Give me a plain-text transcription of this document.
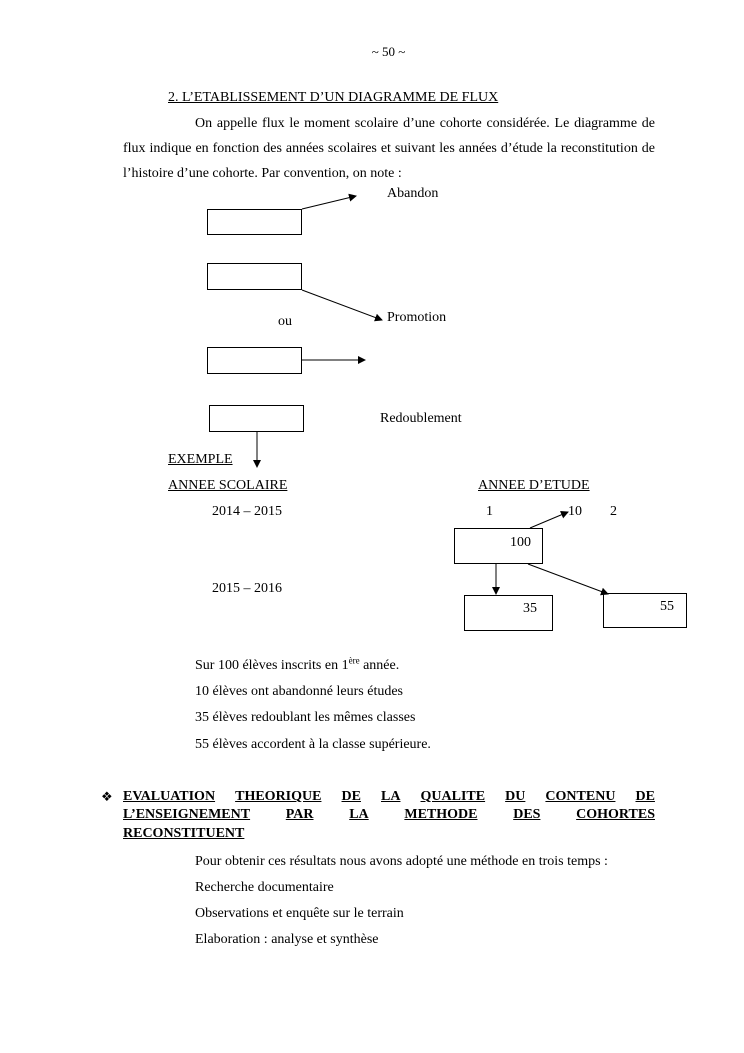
~ 50 ~
2. L’ETABLISSEMENT D’UN DIAGRAMME DE FLUX
On appelle flux le moment scolaire d’une cohorte considérée. Le diagramme de flux indique en fonction des années scolaires et suivant les années d’étude la reconstitution de l’histoire d’une cohorte. Par convention, on note :
Abandon
Promotion
ou
Redoublement
EXEMPLE
ANNEE SCOLAIRE	ANNEE D’ETUDE
2014 – 2015
2015 – 2016
1	10 2
100
35	55
Sur 100 élèves inscrits en 1ère année.
10 élèves ont abandonné leurs études
35 élèves redoublant les mêmes classes
55 élèves accordent à la classe supérieure.
❖ EVALUATION THEORIQUE DE LA QUALITE DU CONTENU DE
L’ENSEIGNEMENT	PAR	LA	METHODE	DES	COHORTES
RECONSTITUENT
Pour obtenir ces résultats nous avons adopté une méthode en trois temps :
Recherche documentaire
Observations et enquête sur le terrain
Elaboration : analyse et synthèse
